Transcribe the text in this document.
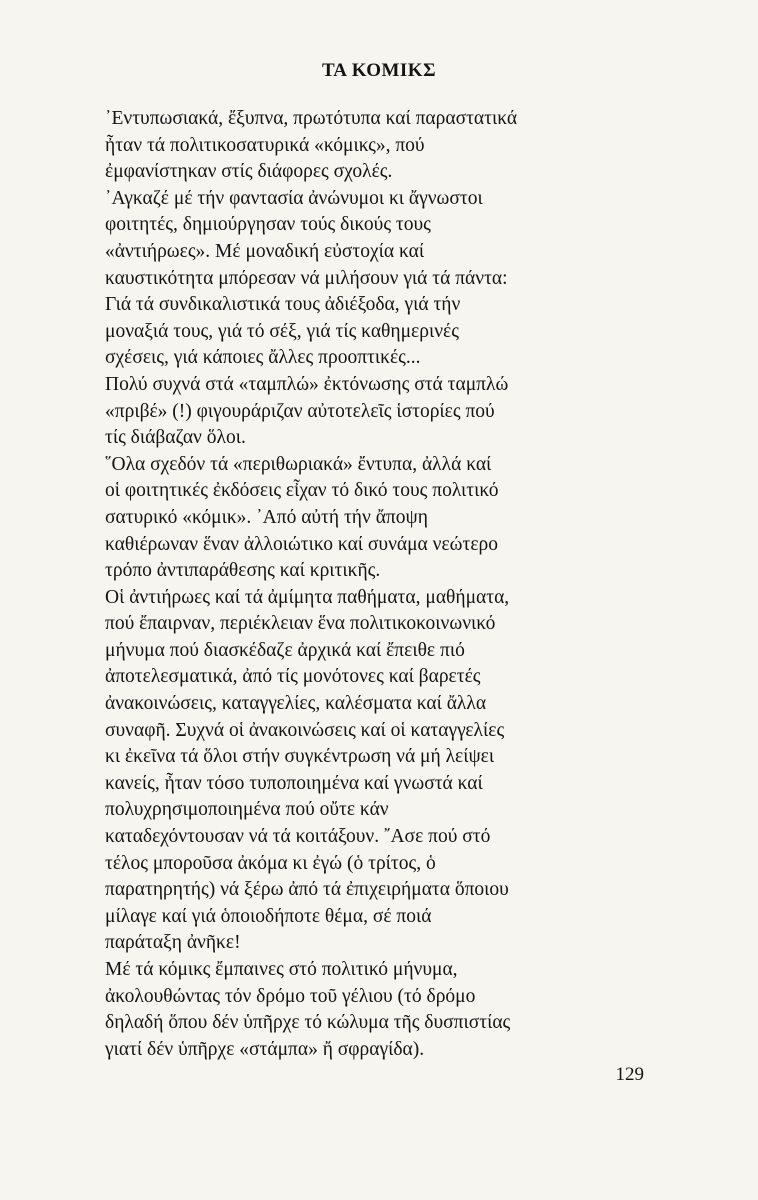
ΤΑ ΚΟΜΙΚΣ
᾿Εντυπωσιακά, ἔξυπνα, πρωτότυπα καί παραστατικά
ἦταν τά πολιτικοσατυρικά «κόμικς», πού
ἐμφανίστηκαν στίς διάφορες σχολές.
᾿Αγκαζέ μέ τήν φαντασία ἀνώνυμοι κι ἄγνωστοι
φοιτητές, δημιούργησαν τούς δικούς τους
«ἀντιήρωες». Μέ μοναδική εὐστοχία καί
καυστικότητα μπόρεσαν νά μιλήσουν γιά τά πάντα:
Γιά τά συνδικαλιστικά τους ἀδιέξοδα, γιά τήν
μοναξιά τους, γιά τό σέξ, γιά τίς καθημερινές
σχέσεις, γιά κάποιες ἄλλες προοπτικές...
Πολύ συχνά στά «ταμπλώ» ἐκτόνωσης στά ταμπλώ
«πριβέ» (!) φιγουράριζαν αὐτοτελεῖς ἱστορίες πού
τίς διάβαζαν ὅλοι.
῞Ολα σχεδόν τά «περιθωριακά» ἔντυπα, ἀλλά καί
οἱ φοιτητικές ἐκδόσεις εἶχαν τό δικό τους πολιτικό
σατυρικό «κόμικ». ᾿Από αὐτή τήν ἄποψη
καθιέρωναν ἕναν ἀλλοιώτικο καί συνάμα νεώτερο
τρόπο ἀντιπαράθεσης καί κριτικῆς.
Οἱ ἀντιήρωες καί τά ἀμίμητα παθήματα, μαθήματα,
πού ἔπαιρναν, περιέκλειαν ἕνα πολιτικοκοινωνικό
μήνυμα πού διασκέδαζε ἀρχικά καί ἔπειθε πιό
ἀποτελεσματικά, ἀπό τίς μονότονες καί βαρετές
ἀνακοινώσεις, καταγγελίες, καλέσματα καί ἄλλα
συναφῆ. Συχνά οἱ ἀνακοινώσεις καί οἱ καταγγελίες
κι ἐκεῖνα τά ὅλοι στήν συγκέντρωση νά μή λείψει
κανείς, ἦταν τόσο τυποποιημένα καί γνωστά καί
πολυχρησιμοποιημένα πού οὔτε κάν
καταδεχόντουσαν νά τά κοιτάξουν. ῎Ασε πού στό
τέλος μποροῦσα ἀκόμα κι ἐγώ (ὁ τρίτος, ὁ
παρατηρητής) νά ξέρω ἀπό τά ἐπιχειρήματα ὅποιου
μίλαγε καί γιά ὁποιοδήποτε θέμα, σέ ποιά
παράταξη ἀνῆκε!
Μέ τά κόμικς ἔμπαινες στό πολιτικό μήνυμα,
ἀκολουθώντας τόν δρόμο τοῦ γέλιου (τό δρόμο
δηλαδή ὅπου δέν ὑπῆρχε τό κώλυμα τῆς δυσπιστίας
γιατί δέν ὑπῆρχε «στάμπα» ἤ σφραγίδα).
129
